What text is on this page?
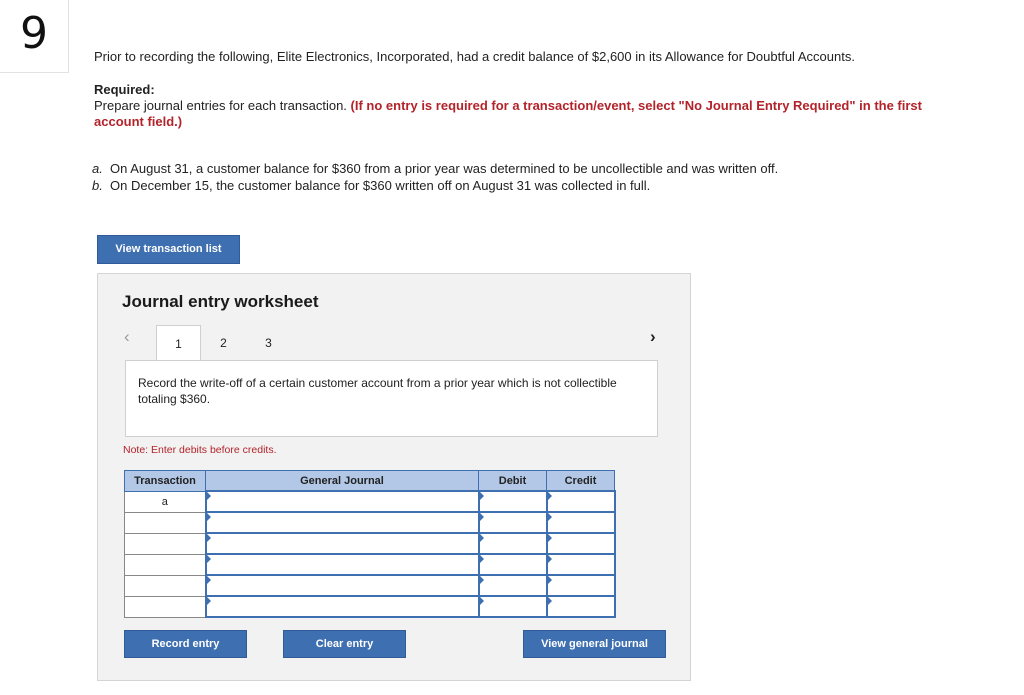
9	Prior to recording the following, Elite Electronics, Incorporated, had a credit balance of $2,600 in its Allowance for Doubtful Accounts.
Required:
Prepare journal entries for each transaction. (If no entry is required for a transaction/event, select "No Journal Entry Required" in the first account field.)
a. On August 31, a customer balance for $360 from a prior year was determined to be uncollectible and was written off.
b. On December 15, the customer balance for $360 written off on August 31 was collected in full.
View transaction list
Journal entry worksheet
‹	1	2	3	›
Record the write-off of a certain customer account from a prior year which is not collectible totaling $360.
Note: Enter debits before credits.
Transaction	General Journal	Debit	Credit
a			

Record entry	Clear entry	View general journal
